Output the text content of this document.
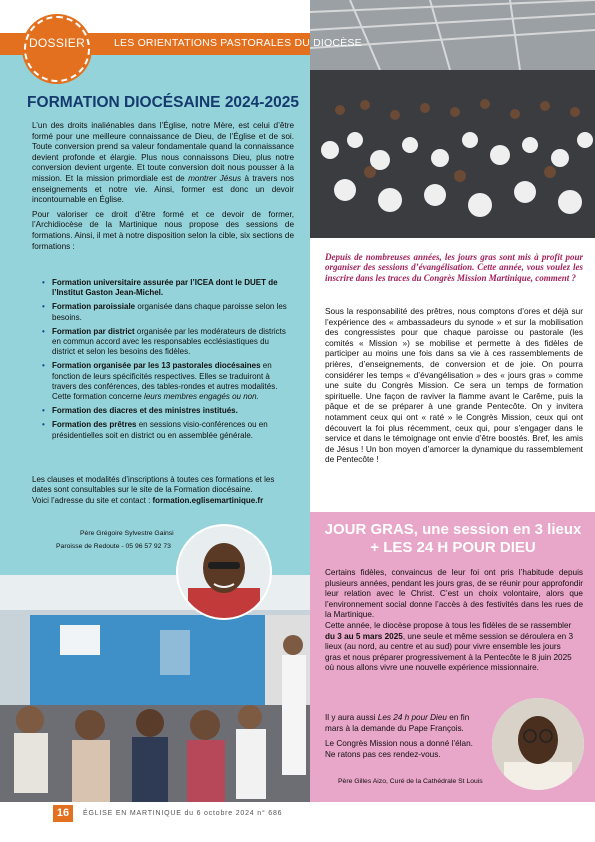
LES ORIENTATIONS PASTORALES DU DIOCÈSE
DOSSIER
FORMATION DIOCÉSAINE 2024-2025

L’un des droits inaliénables dans l’Église, notre Mère, est celui d’être formé pour une meilleure connaissance de Dieu, de l’Église et de soi. Toute conversion prend sa valeur fondamentale quand la connaissance devient profonde et élargie. Plus nous connaissons Dieu, plus notre conversion devient urgente. Et toute conversion doit nous pousser à la mission. Et la mission primordiale est de montrer Jésus à travers nos enseignements et notre vie. Ainsi, former est donc un devoir incontournable en Église.

Pour valoriser ce droit d’être formé et ce devoir de former, l’Archidiocèse de la Martinique nous propose des sessions de formations. Ainsi, il met à notre disposition selon la cible, six sections de formations :

• Formation universitaire assurée par l’ICEA dont le DUET de l’Institut Gaston Jean-Michel.
• Formation paroissiale organisée dans chaque paroisse selon les besoins.
• Formation par district organisée par les modérateurs de districts en commun accord avec les responsables ecclésiastiques du district et selon les besoins des fidèles.
• Formation organisée par les 13 pastorales diocésaines en fonction de leurs spécificités respectives. Elles se traduiront à travers des conférences, des tables-rondes et autres modalités. Cette formation concerne leurs membres engagés ou non.
• Formation des diacres et des ministres institués.
• Formation des prêtres en sessions visio-conférences ou en présidentielles soit en district ou en assemblée générale.

Les clauses et modalités d’inscriptions à toutes ces formations et les dates sont consultables sur le site de la Formation diocésaine.

Voici l’adresse du site et contact : formation.eglisemartinique.fr

Père Grégoire Sylvestre Gainsi
Paroisse de Redoute - 05 96 57 92 73
Depuis de nombreuses années, les jours gras sont mis à profit pour organiser des sessions d’évangélisation. Cette année, vous voulez les inscrire dans les traces du Congrès Mission Martinique, comment ?
Sous la responsabilité des prêtres, nous comptons d’ores et déjà sur l’expérience des « ambassadeurs du synode » et sur la mobilisation des congressistes pour que chaque paroisse ou pastorale (les comités « Mission ») se mobilise et permette à des fidèles de participer au moins une fois dans sa vie à ces rassemblements de prières, d’enseignements, de conversion et de joie. On pourra considérer les temps « d’évangélisation » des « jours gras » comme une suite du Congrès Mission. Ce sera un temps de formation spirituelle. Une façon de raviver la flamme avant le Carême, puis la pâque et de se préparer à une grande Pentecôte. On y invitera notamment ceux qui ont « raté » le Congrès Mission, ceux qui ont découvert la foi plus récemment, ceux qui, pour s’engager dans le service et dans le témoignage ont envie d’être boostés. Bref, les amis de Jésus ! Un bon moyen d’amorcer la dynamique du rassemblement de Pentecôte !
JOUR GRAS, une session en 3 lieux
+ LES 24 H POUR DIEU
Certains fidèles, convaincus de leur foi ont pris l’habitude depuis plusieurs années, pendant les jours gras, de se réunir pour approfondir leur relation avec le Christ. C’est un choix volontaire, alors que l’environnement social donne l’accès à des festivités dans les rues de la Martinique.

Cette année, le diocèse propose à tous les fidèles de se rassembler du 3 au 5 mars 2025, une seule et même session se déroulera en 3 lieux (au nord, au centre et au sud) pour vivre ensemble les jours gras et nous préparer progressivement à la Pentecôte le 8 juin 2025 où nous allons vivre une nouvelle expérience missionnaire.

Il y aura aussi Les 24 h pour Dieu en fin mars à la demande du Pape François.

Le Congrès Mission nous a donné l’élan. Ne ratons pas ces rendez-vous.
Père Gilles Aizo, Curé de la Cathédrale St Louis
16	ÉGLISE EN MARTINIQUE du 6 octobre 2024 n° 686
